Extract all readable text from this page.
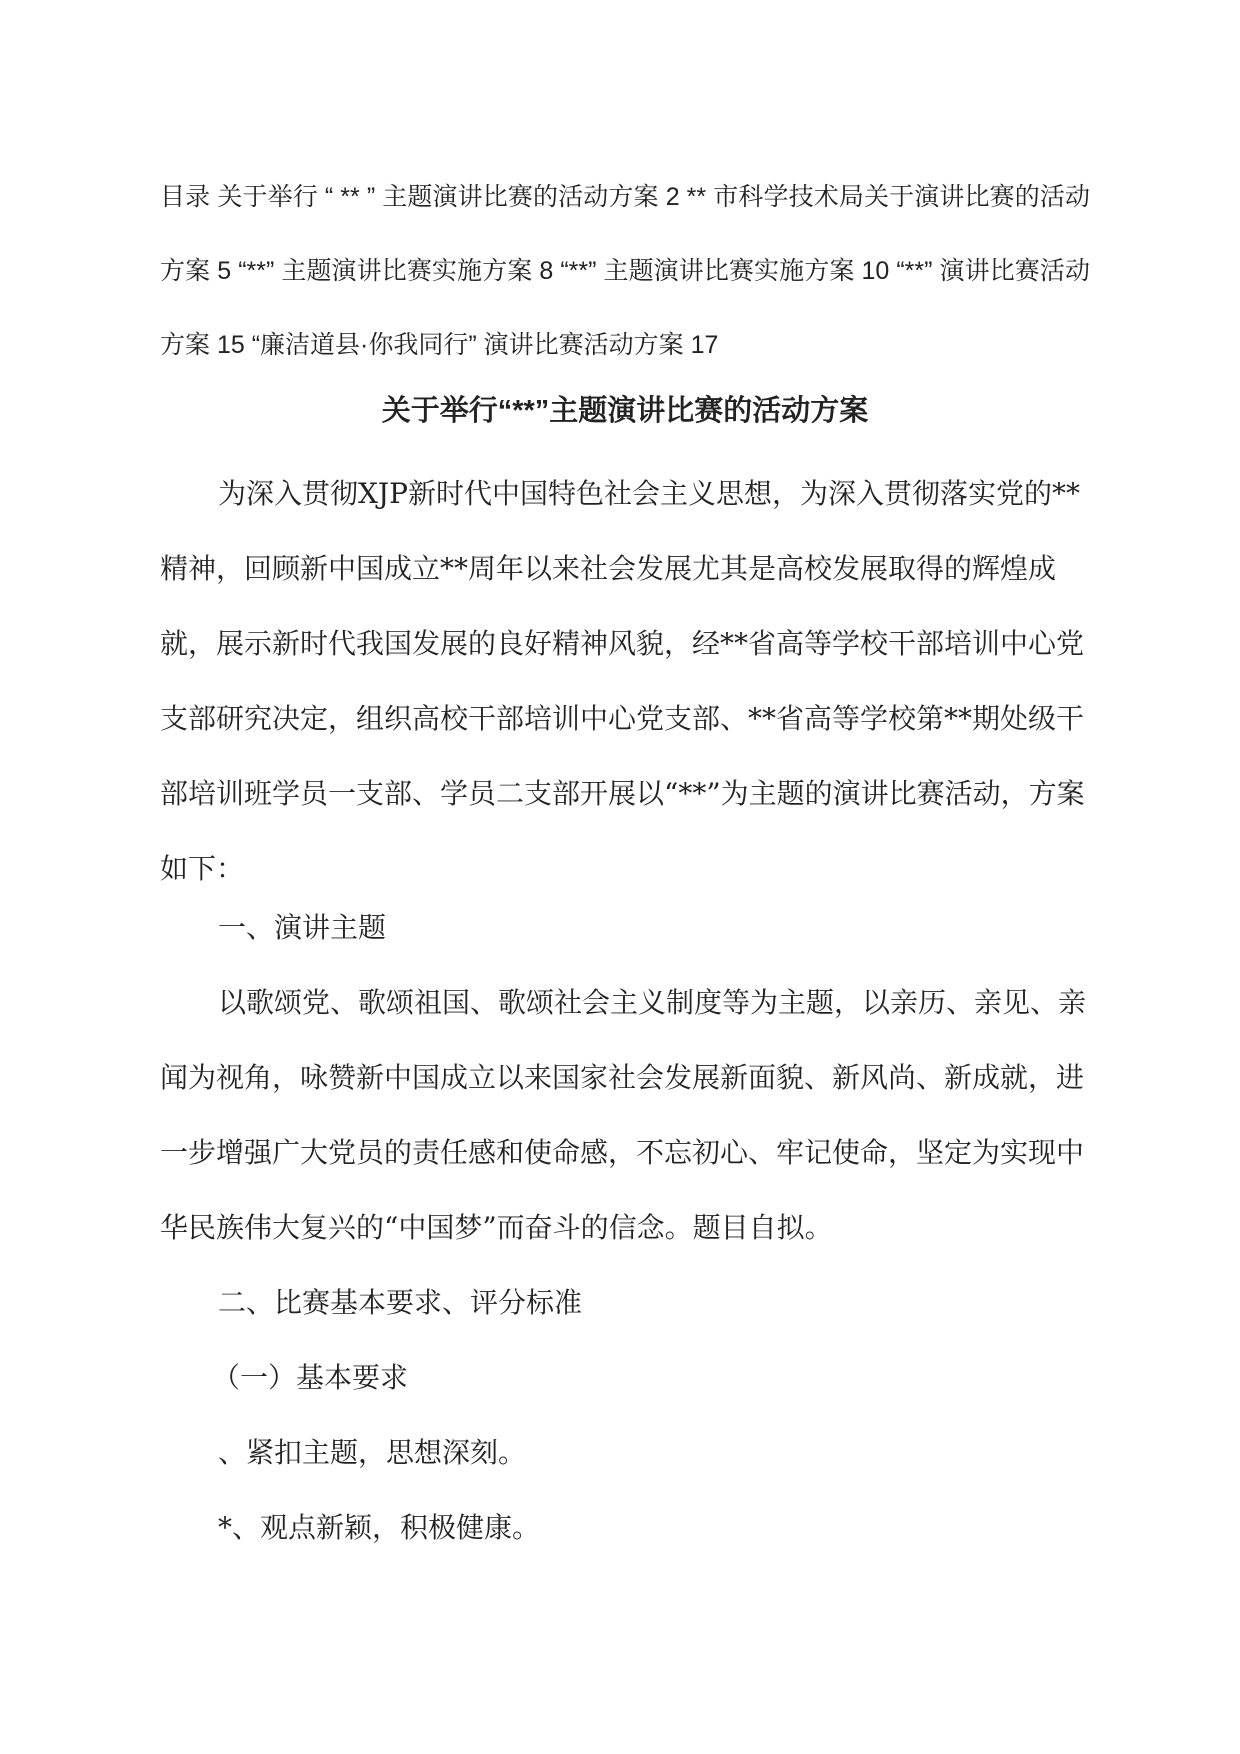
目录 关于举行 “ ** ” 主题演讲比赛的活动方案 2 ** 市科学技术局关于演讲比赛的活动方案 5 “**” 主题演讲比赛实施方案 8 “**” 主题演讲比赛实施方案 10 “**” 演讲比赛活动方案 15 “廉洁道县·你我同行” 演讲比赛活动方案 17
关于举行“**”主题演讲比赛的活动方案
为深入贯彻XJP新时代中国特色社会主义思想，为深入贯彻落实党的**精神，回顾新中国成立**周年以来社会发展尤其是高校发展取得的辉煌成就，展示新时代我国发展的良好精神风貌，经**省高等学校干部培训中心党支部研究决定，组织高校干部培训中心党支部、**省高等学校第**期处级干部培训班学员一支部、学员二支部开展以“**”为主题的演讲比赛活动，方案如下：
一、演讲主题
以歌颂党、歌颂祖国、歌颂社会主义制度等为主题，以亲历、亲见、亲闻为视角，咏赞新中国成立以来国家社会发展新面貌、新风尚、新成就，进一步增强广大党员的责任感和使命感，不忘初心、牢记使命，坚定为实现中华民族伟大复兴的“中国梦”而奋斗的信念。题目自拟。
二、比赛基本要求、评分标准
（一）基本要求
、紧扣主题，思想深刻。
*、观点新颖，积极健康。
